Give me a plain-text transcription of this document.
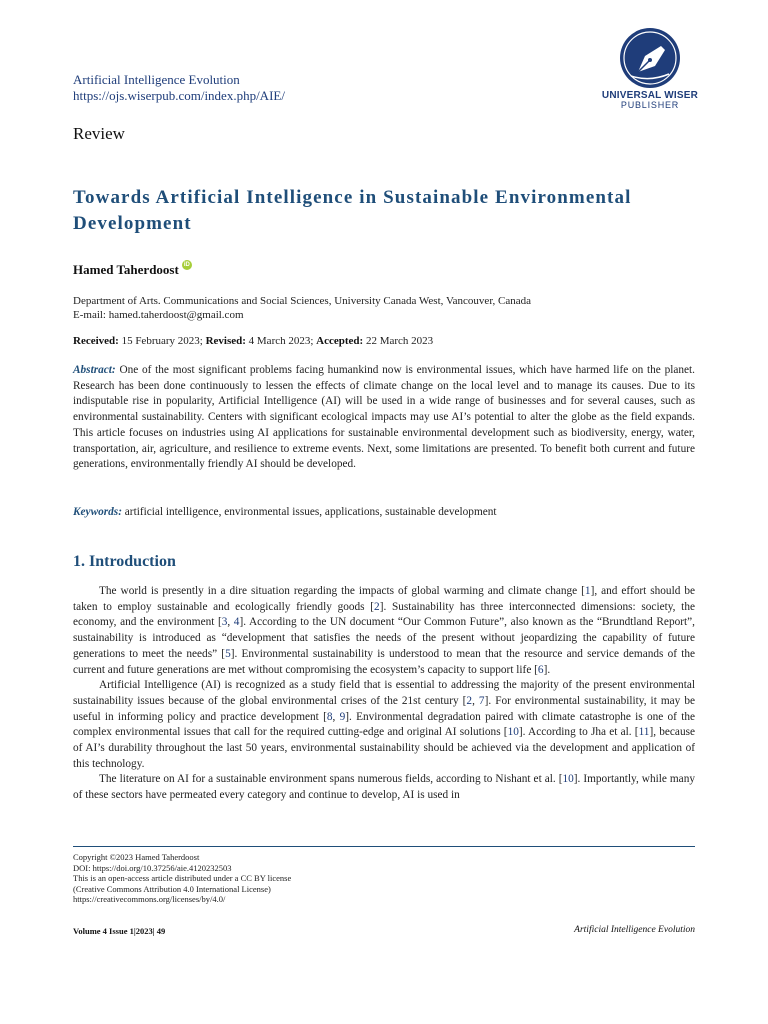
Artificial Intelligence Evolution
https://ojs.wiserpub.com/index.php/AIE/	UNIVERSAL WISER
PUBLISHER
Review
Towards Artificial Intelligence in Sustainable Environmental
Development
Hamed Taherdoost iD
Department of Arts. Communications and Social Sciences, University Canada West, Vancouver, Canada
E-mail: hamed.taherdoost@gmail.com
Received: 15 February 2023; Revised: 4 March 2023; Accepted: 22 March 2023
Abstract: One of the most significant problems facing humankind now is environmental issues, which have harmed life on the planet. Research has been done continuously to lessen the effects of climate change on the local level and to manage its causes. Due to its indisputable rise in popularity, Artificial Intelligence (AI) will be used in a wide range of businesses and for several causes, such as environmental sustainability. Centers with significant ecological impacts may use AI’s potential to alter the globe as the field expands. This article focuses on industries using AI applications for sustainable environmental development such as biodiversity, energy, water, transportation, air, agriculture, and resilience to extreme events. Next, some limitations are presented. To benefit both current and future generations, environmentally friendly AI should be developed.
Keywords: artificial intelligence, environmental issues, applications, sustainable development
1. Introduction

The world is presently in a dire situation regarding the impacts of global warming and climate change [1], and effort should be taken to employ sustainable and ecologically friendly goods [2]. Sustainability has three interconnected dimensions: society, the economy, and the environment [3, 4]. According to the UN document “Our Common Future”, also known as the “Brundtland Report”, sustainability is introduced as “development that satisfies the needs of the present without jeopardizing the capability of future generations to meet the needs” [5]. Environmental sustainability is understood to mean that the resource and service demands of the current and future generations are met without compromising the ecosystem’s capacity to support life [6].

Artificial Intelligence (AI) is recognized as a study field that is essential to addressing the majority of the present environmental sustainability issues because of the global environmental crises of the 21st century [2, 7]. For environmental sustainability, it may be useful in informing policy and practice development [8, 9]. Environmental degradation paired with climate catastrophe is one of the complex environmental issues that call for the required cutting-edge and original AI solutions [10]. According to Jha et al. [11], because of AI’s durability throughout the last 50 years, environmental sustainability should be achieved via the development and application of this technology.

The literature on AI for a sustainable environment spans numerous fields, according to Nishant et al. [10]. Importantly, while many of these sectors have permeated every category and continue to develop, AI is used in

Copyright ©2023 Hamed Taherdoost
DOI: https://doi.org/10.37256/aie.4120232503
This is an open-access article distributed under a CC BY license
(Creative Commons Attribution 4.0 International License)
https://creativecommons.org/licenses/by/4.0/
Volume 4 Issue 1|2023| 49	Artificial Intelligence Evolution
